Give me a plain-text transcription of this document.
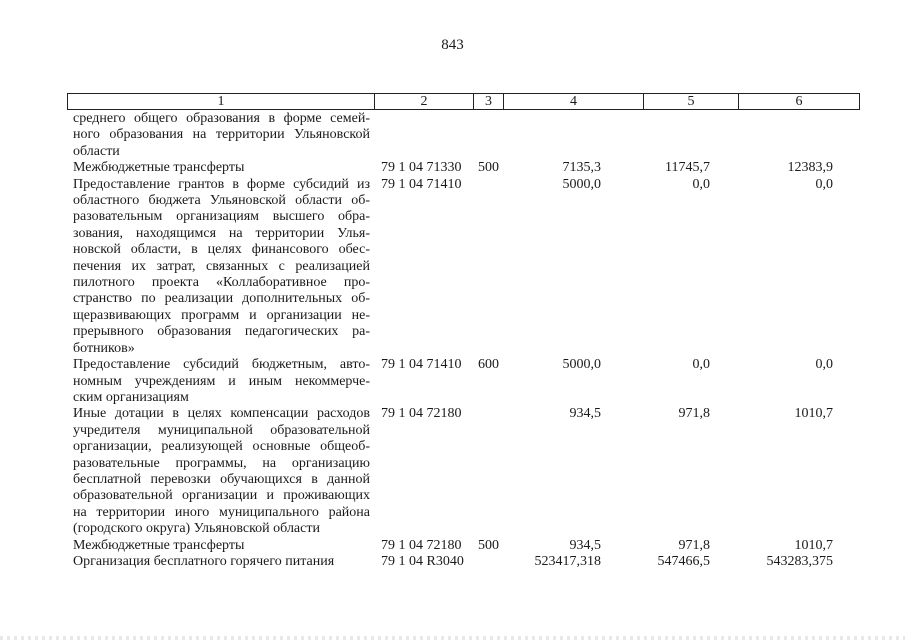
843
1	2	3	4	5	6
среднего общего образования в форме семей-
ного образования на территории Ульяновской
области
Межбюджетные трансферты	79 1 04 71330 500	7135,3	11745,7	12383,9
Предоставление грантов в форме субсидий из
областного бюджета Ульяновской области об-
разовательным организациям высшего обра-
зования, находящимся на территории Улья-
новской области, в целях финансового обес-
печения их затрат, связанных с реализацией
пилотного проекта «Коллаборативное про-
странство по реализации дополнительных об-
щеразвивающих программ и организации не-
прерывного образования педагогических ра-
ботников»
79 1 04 71410	5000,0	0,0	0,0
Предоставление субсидий бюджетным, авто-
номным учреждениям и иным некоммерче-
ским организациям
79 1 04 71410 600	5000,0	0,0	0,0
Иные дотации в целях компенсации расходов
учредителя муниципальной образовательной
организации, реализующей основные общеоб-
разовательные программы, на организацию
бесплатной перевозки обучающихся в данной
образовательной организации и проживающих
на территории иного муниципального района
(городского округа) Ульяновской области
79 1 04 72180	934,5	971,8	1010,7
Межбюджетные трансферты	79 1 04 72180 500	934,5	971,8	1010,7
Организация бесплатного горячего питания	79 1 04 R3040	523417,318	547466,5	543283,375
